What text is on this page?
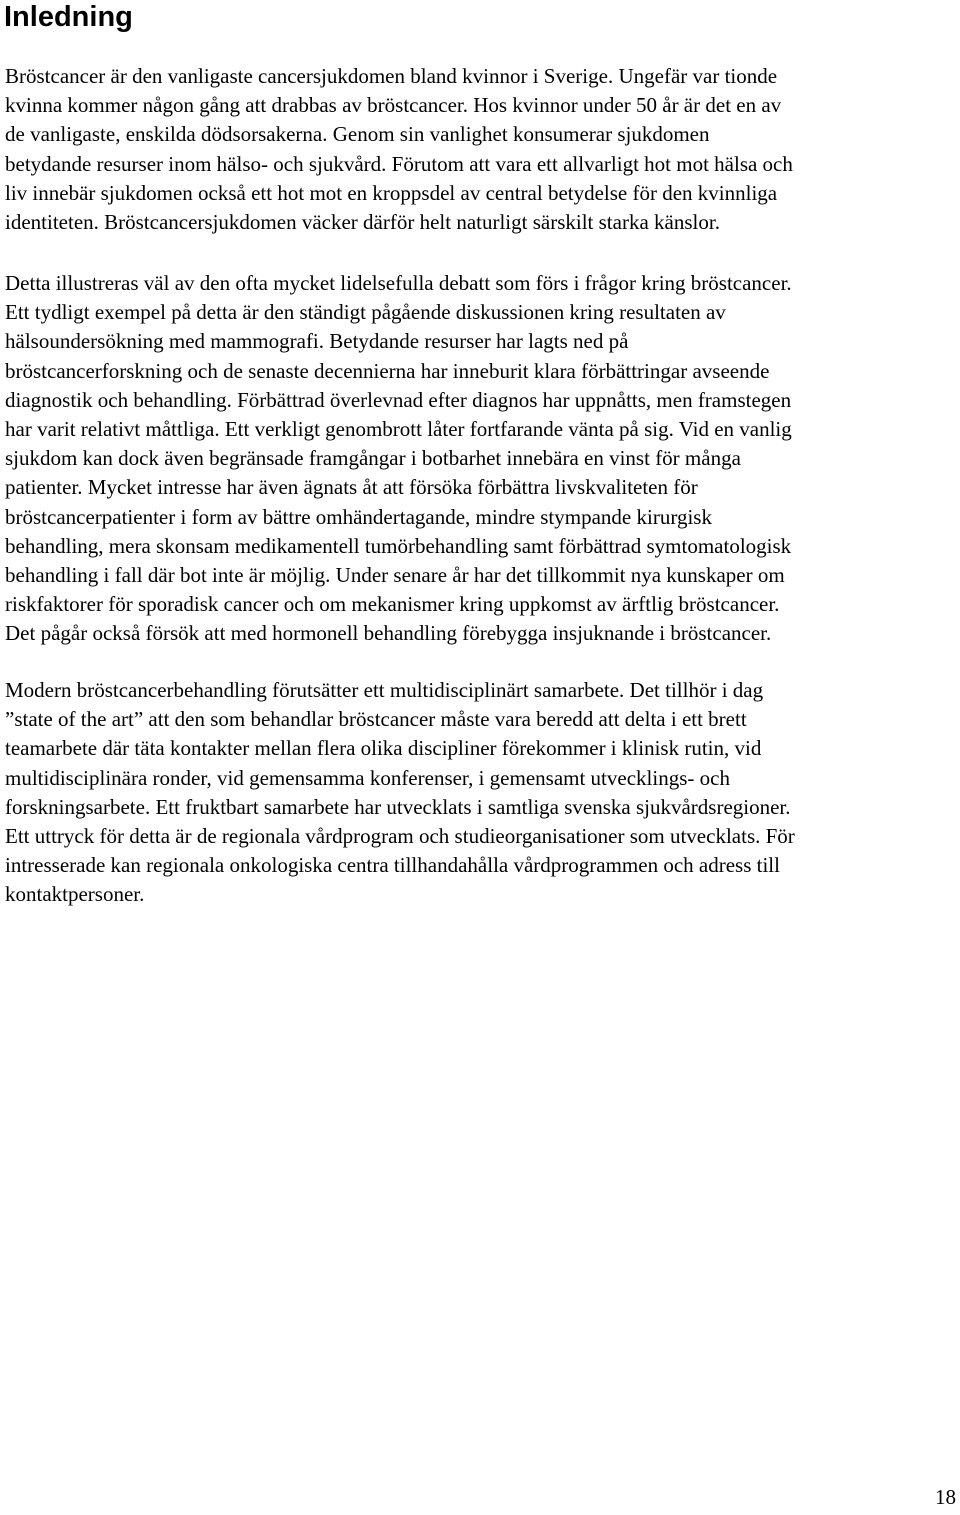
Inledning

Bröstcancer är den vanligaste cancersjukdomen bland kvinnor i Sverige. Ungefär var tionde
kvinna kommer någon gång att drabbas av bröstcancer. Hos kvinnor under 50 år är det en av
de vanligaste, enskilda dödsorsakerna. Genom sin vanlighet konsumerar sjukdomen
betydande resurser inom hälso- och sjukvård. Förutom att vara ett allvarligt hot mot hälsa och
liv innebär sjukdomen också ett hot mot en kroppsdel av central betydelse för den kvinnliga
identiteten. Bröstcancersjukdomen väcker därför helt naturligt särskilt starka känslor.

Detta illustreras väl av den ofta mycket lidelsefulla debatt som förs i frågor kring bröstcancer.
Ett tydligt exempel på detta är den ständigt pågående diskussionen kring resultaten av
hälsoundersökning med mammografi. Betydande resurser har lagts ned på
bröstcancerforskning och de senaste decennierna har inneburit klara förbättringar avseende
diagnostik och behandling. Förbättrad överlevnad efter diagnos har uppnåtts, men framstegen
har varit relativt måttliga. Ett verkligt genombrott låter fortfarande vänta på sig. Vid en vanlig
sjukdom kan dock även begränsade framgångar i botbarhet innebära en vinst för många
patienter. Mycket intresse har även ägnats åt att försöka förbättra livskvaliteten för
bröstcancerpatienter i form av bättre omhändertagande, mindre stympande kirurgisk
behandling, mera skonsam medikamentell tumörbehandling samt förbättrad symtomatologisk
behandling i fall där bot inte är möjlig. Under senare år har det tillkommit nya kunskaper om
riskfaktorer för sporadisk cancer och om mekanismer kring uppkomst av ärftlig bröstcancer.
Det pågår också försök att med hormonell behandling förebygga insjuknande i bröstcancer.

Modern bröstcancerbehandling förutsätter ett multidisciplinärt samarbete. Det tillhör i dag
”state of the art” att den som behandlar bröstcancer måste vara beredd att delta i ett brett
teamarbete där täta kontakter mellan flera olika discipliner förekommer i klinisk rutin, vid
multidisciplinära ronder, vid gemensamma konferenser, i gemensamt utvecklings- och
forskningsarbete. Ett fruktbart samarbete har utvecklats i samtliga svenska sjukvårdsregioner.
Ett uttryck för detta är de regionala vårdprogram och studieorganisationer som utvecklats. För
intresserade kan regionala onkologiska centra tillhandahålla vårdprogrammen och adress till
kontaktpersoner.

18
